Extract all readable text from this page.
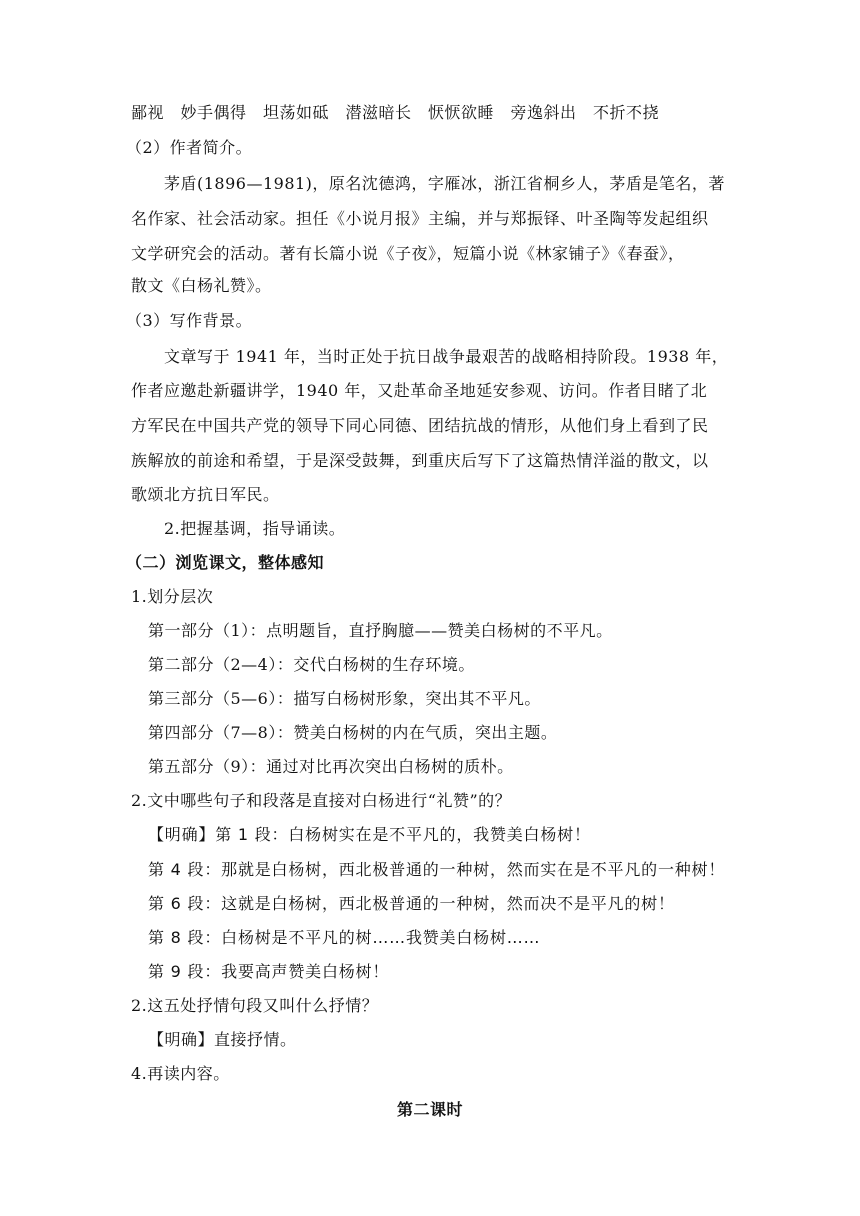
鄙视　妙手偶得　坦荡如砥　潜滋暗长　恹恹欲睡　旁逸斜出　不折不挠
（2）作者简介。
茅盾(1896—1981)，原名沈德鸿，字雁冰，浙江省桐乡人，茅盾是笔名，著
名作家、社会活动家。担任《小说月报》主编，并与郑振铎、叶圣陶等发起组织
文学研究会的活动。著有长篇小说《子夜》，短篇小说《林家铺子》《春蚕》，
散文《白杨礼赞》。
（3）写作背景。
文章写于 1941 年，当时正处于抗日战争最艰苦的战略相持阶段。1938 年，
作者应邀赴新疆讲学，1940 年，又赴革命圣地延安参观、访问。作者目睹了北
方军民在中国共产党的领导下同心同德、团结抗战的情形，从他们身上看到了民
族解放的前途和希望，于是深受鼓舞，到重庆后写下了这篇热情洋溢的散文，以
歌颂北方抗日军民。
2.把握基调，指导诵读。
（二）浏览课文，整体感知
1.划分层次
第一部分（1）：点明题旨，直抒胸臆——赞美白杨树的不平凡。
第二部分（2—4）：交代白杨树的生存环境。
第三部分（5—6）：描写白杨树形象，突出其不平凡。
第四部分（7—8）：赞美白杨树的内在气质，突出主题。
第五部分（9）：通过对比再次突出白杨树的质朴。
2.文中哪些句子和段落是直接对白杨进行“礼赞”的？
【明确】第 1 段：白杨树实在是不平凡的，我赞美白杨树！
第 4 段：那就是白杨树，西北极普通的一种树，然而实在是不平凡的一种树！
第 6 段：这就是白杨树，西北极普通的一种树，然而决不是平凡的树！
第 8 段：白杨树是不平凡的树……我赞美白杨树……
第 9 段：我要高声赞美白杨树！
2.这五处抒情句段又叫什么抒情？
【明确】直接抒情。
4.再读内容。
第二课时
